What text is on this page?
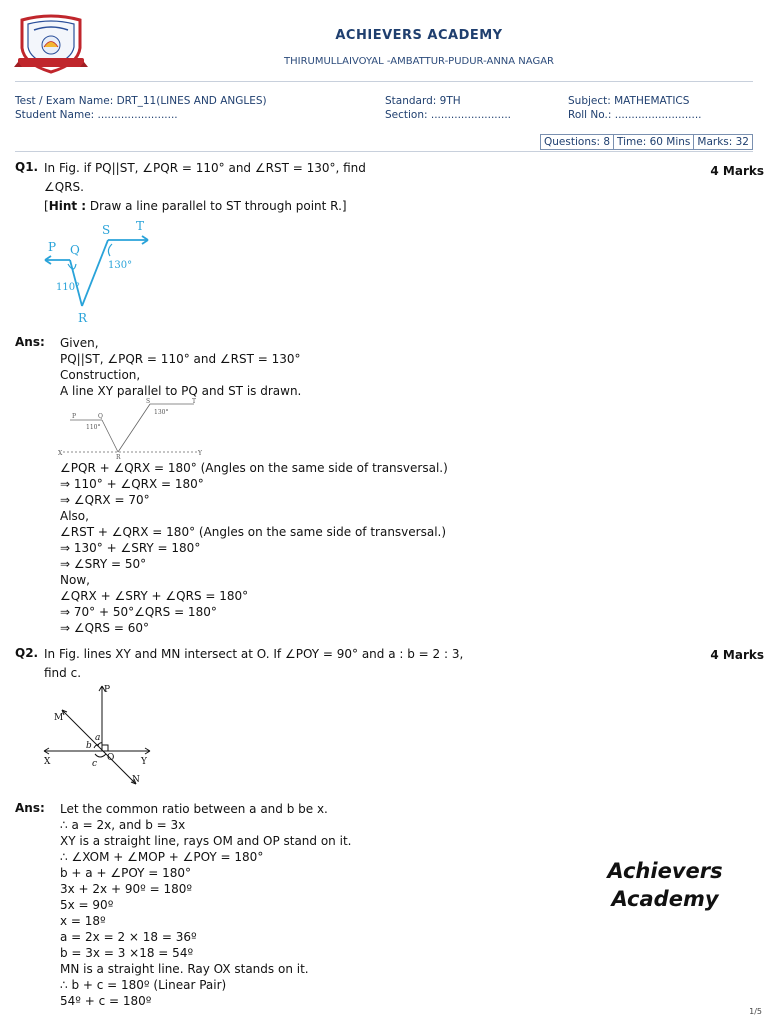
ACHIEVERS ACADEMY
THIRUMULLAIVOYAL -AMBATTUR-PUDUR-ANNA NAGAR
Test / Exam Name: DRT_11(LINES AND ANGLES)
Student Name: ........................
Standard: 9TH
Section: ........................
Subject: MATHEMATICS
Roll No.: ..........................
Questions: 8 Time: 60 Mins Marks: 32
Q1. In Fig. if PQ||ST, ∠PQR = 110° and ∠RST = 130°, find
∠QRS.
[Hint : Draw a line parallel to ST through point R.]
4 Marks
P Q
S T
R
110°
130°
Ans: Given,
PQ||ST, ∠PQR = 110° and ∠RST = 130°
Construction,
A line XY parallel to PQ and ST is drawn.
P	Q
S	T
X	Y
R
110°
130°
∠PQR + ∠QRX = 180° (Angles on the same side of transversal.)
⇒ 110° + ∠QRX = 180°
⇒ ∠QRX = 70°
Also,
∠RST + ∠QRX = 180° (Angles on the same side of transversal.)
⇒ 130° + ∠SRY = 180°
⇒ ∠SRY = 50°
Now,
∠QRX + ∠SRY + ∠QRS = 180°
⇒ 70° + 50°∠QRS = 180°
⇒ ∠QRS = 60°
Q2. In Fig. lines XY and MN intersect at O. If ∠POY = 90° and a : b = 2 : 3,
find c.
4 Marks
P
M
X	Y
N
O
a
b
c
Ans: Let the common ratio between a and b be x.
∴ a = 2x, and b = 3x
XY is a straight line, rays OM and OP stand on it.
∴ ∠XOM + ∠MOP + ∠POY = 180°
b + a + ∠POY = 180°
3x + 2x + 90º = 180º
5x = 90º
x = 18º
a = 2x = 2 × 18 = 36º
b = 3x = 3 ×18 = 54º
MN is a straight line. Ray OX stands on it.
∴ b + c = 180º (Linear Pair)
54º + c = 180º
Achievers
Academy
1/5
